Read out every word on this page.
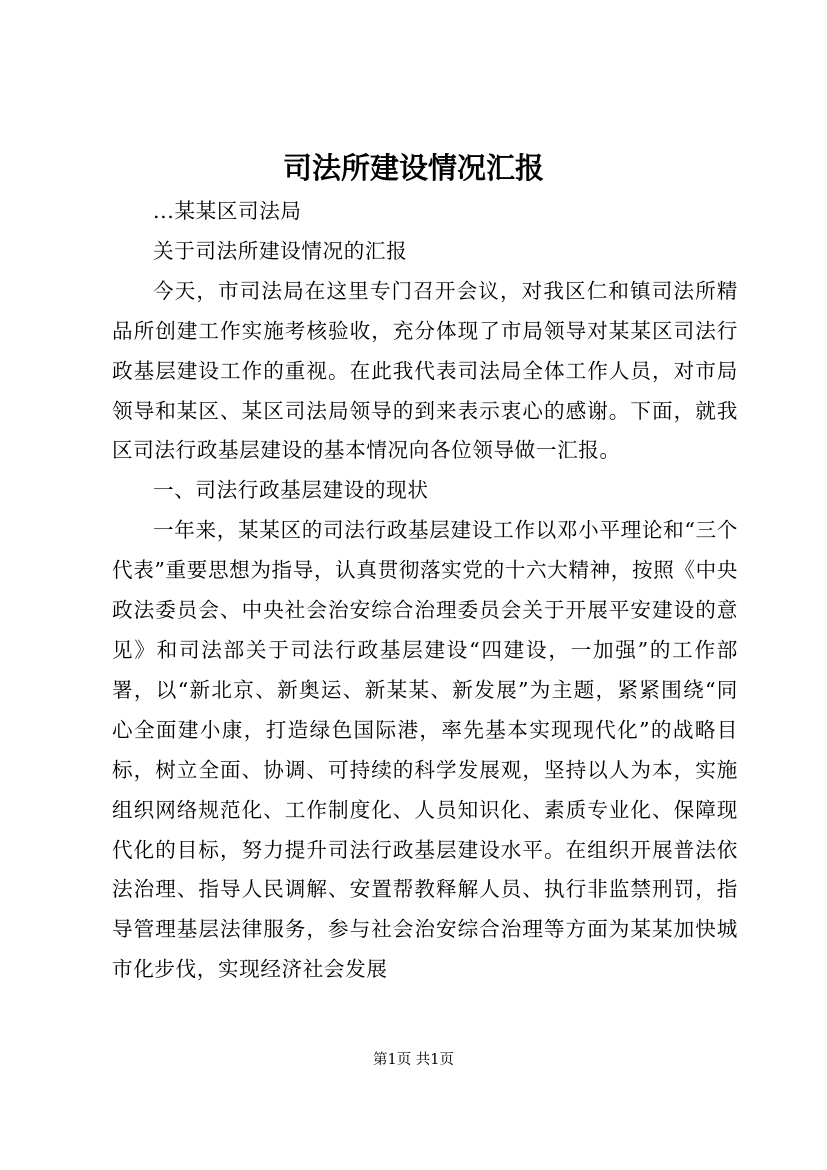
司法所建设情况汇报

...某某区司法局

关于司法所建设情况的汇报

今天，市司法局在这里专门召开会议，对我区仁和镇司法所精品所创建工作实施考核验收，充分体现了市局领导对某某区司法行政基层建设工作的重视。在此我代表司法局全体工作人员，对市局领导和某区、某区司法局领导的到来表示衷心的感谢。下面，就我区司法行政基层建设的基本情况向各位领导做一汇报。

一、司法行政基层建设的现状

一年来，某某区的司法行政基层建设工作以邓小平理论和“三个代表”重要思想为指导，认真贯彻落实党的十六大精神，按照《中央政法委员会、中央社会治安综合治理委员会关于开展平安建设的意见》和司法部关于司法行政基层建设“四建设，一加强”的工作部署，以“新北京、新奥运、新某某、新发展”为主题，紧紧围绕“同心全面建小康，打造绿色国际港，率先基本实现现代化”的战略目标，树立全面、协调、可持续的科学发展观，坚持以人为本，实施组织网络规范化、工作制度化、人员知识化、素质专业化、保障现代化的目标，努力提升司法行政基层建设水平。在组织开展普法依法治理、指导人民调解、安置帮教释解人员、执行非监禁刑罚，指导管理基层法律服务，参与社会治安综合治理等方面为某某加快城市化步伐，实现经济社会发展

第1页 共1页
